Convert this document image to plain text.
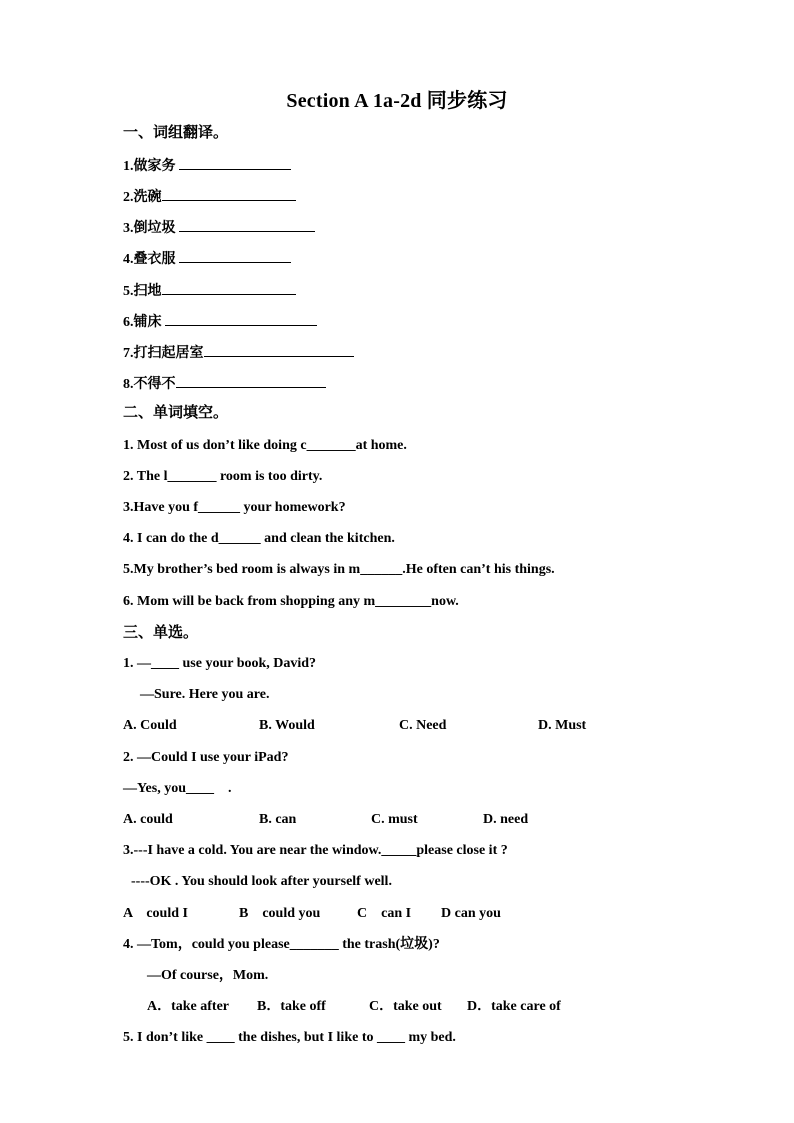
Section A 1a-2d 同步练习
一、词组翻译。
1.做家务
2.洗碗
3.倒垃圾
4.叠衣服
5.扫地
6.铺床
7.打扫起居室
8.不得不
二、单词填空。
1. Most of us don’t like doing c_______at home.
2. The l_______ room is too dirty.
3.Have you f______ your homework?
4. I can do the d______ and clean the kitchen.
5.My brother’s bed room is always in m______.He often can’t his things.
6. Mom will be back from shopping any m________now.
三、单选。
1. —____ use your book, David?
—Sure. Here you are.
A. Could	B. Would	C. Need	D. Must
2. —Could I use your iPad?
—Yes, you____    .
A. could	B. can	C. must	D. need
3.---I have a cold. You are near the window._____please close it ?
----OK . You should look after yourself well.
A    could I	B    could you	C    can I D can you
4. —Tom，could you please_______ the trash(垃圾)?
—Of course，Mom.
A．take after B．take off	C．take out D．take care of
5. I don’t like ____ the dishes, but I like to ____ my bed.
